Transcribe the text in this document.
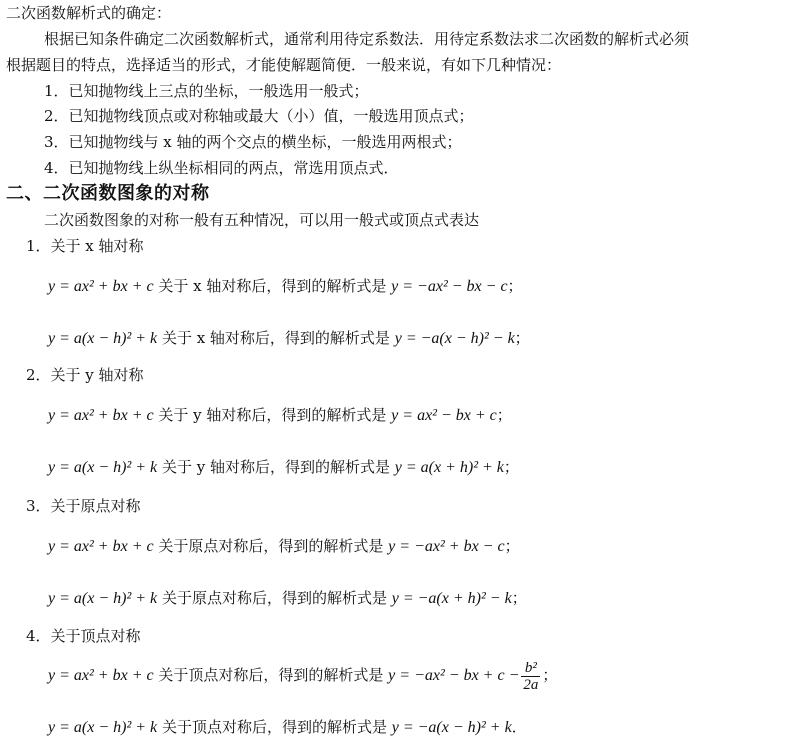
二次函数解析式的确定：
根据已知条件确定二次函数解析式，通常利用待定系数法．用待定系数法求二次函数的解析式必须
根据题目的特点，选择适当的形式，才能使解题简便．一般来说，有如下几种情况：
1．已知抛物线上三点的坐标，一般选用一般式；
2．已知抛物线顶点或对称轴或最大（小）值，一般选用顶点式；
3．已知抛物线与 x 轴的两个交点的横坐标，一般选用两根式；
4．已知抛物线上纵坐标相同的两点，常选用顶点式．
二、二次函数图象的对称
二次函数图象的对称一般有五种情况，可以用一般式或顶点式表达
1．关于 x 轴对称
y = ax² + bx + c 关于 x 轴对称后，得到的解析式是 y = −ax² − bx − c；
y = a(x − h)² + k 关于 x 轴对称后，得到的解析式是 y = −a(x − h)² − k；
2．关于 y 轴对称
y = ax² + bx + c 关于 y 轴对称后，得到的解析式是 y = ax² − bx + c；
y = a(x − h)² + k 关于 y 轴对称后，得到的解析式是 y = a(x + h)² + k；
3．关于原点对称
y = ax² + bx + c 关于原点对称后，得到的解析式是 y = −ax² + bx − c；
y = a(x − h)² + k 关于原点对称后，得到的解析式是 y = −a(x + h)² − k；
4．关于顶点对称
y = ax² + bx + c 关于顶点对称后，得到的解析式是 y = −ax² − bx + $c - \frac{\text{b²}}{2a}$ ；
y = a(x − h)² + k 关于顶点对称后，得到的解析式是 y = −a(x − h)² + k．
